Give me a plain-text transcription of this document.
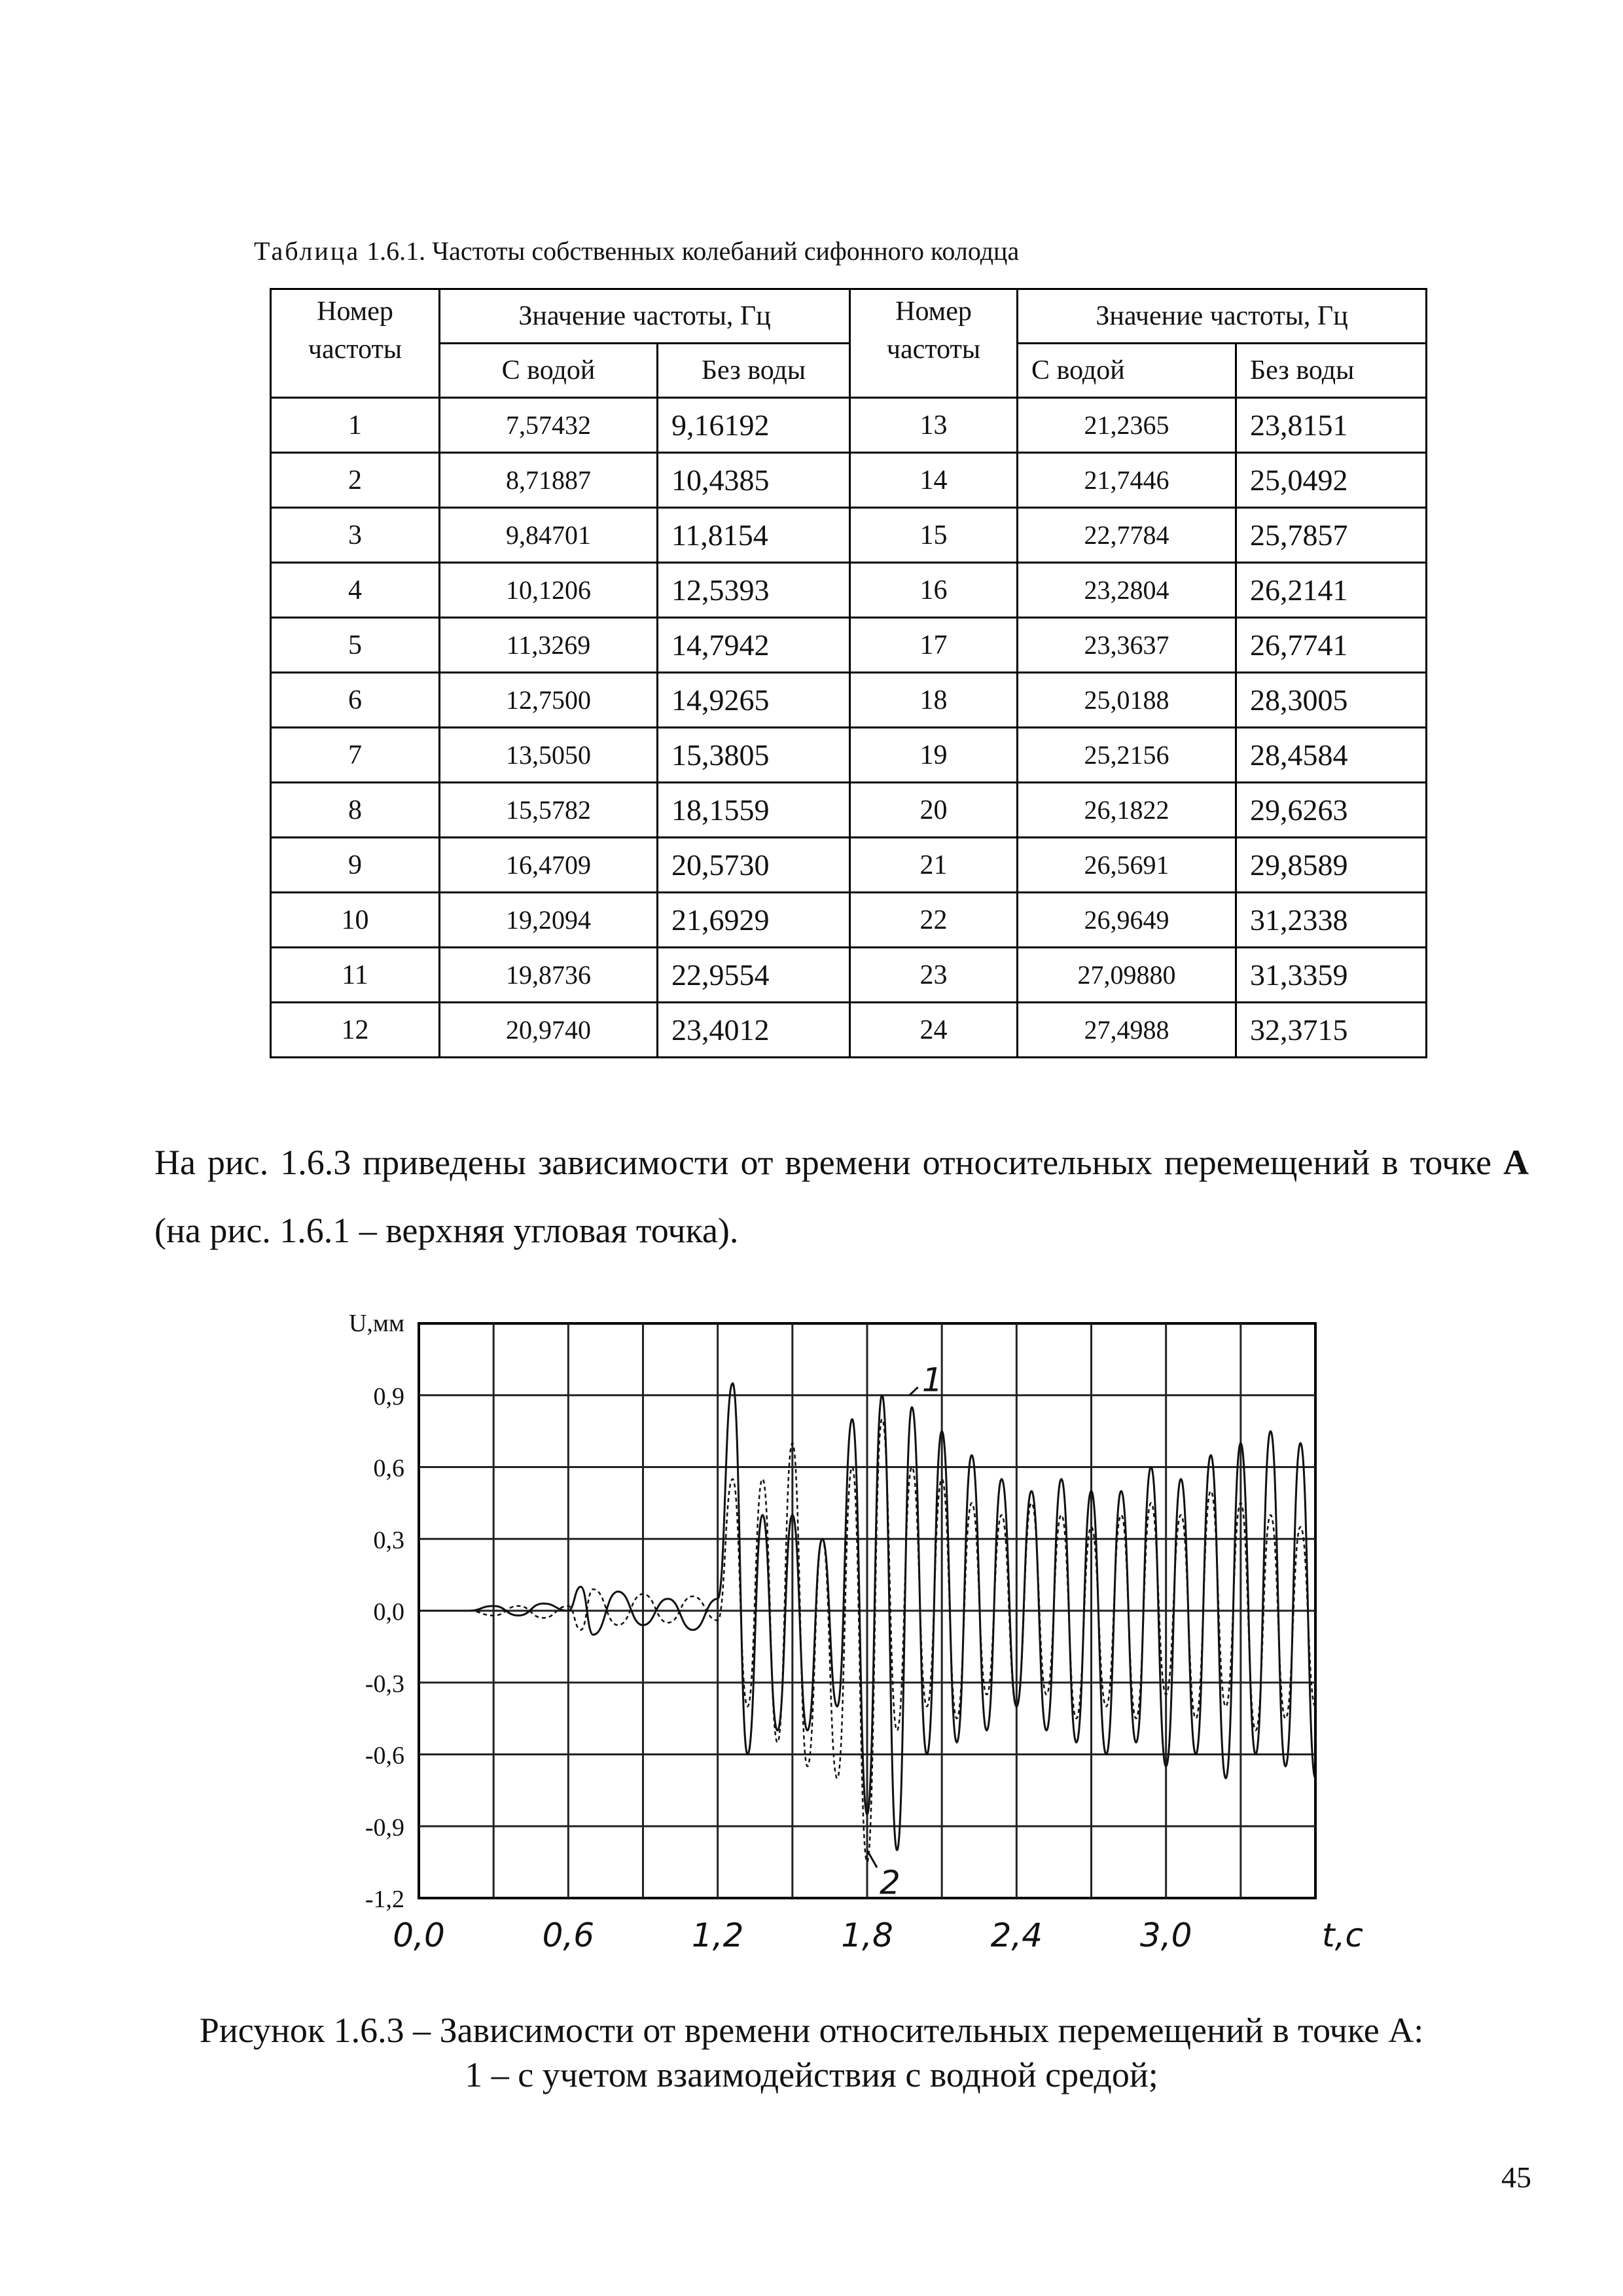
Таблица 1.6.1. Частоты собственных колебаний сифонного колодца
Номер частоты	Значение частоты, Гц		Номер частоты	Значение частоты, Гц	
	С водой	Без воды		С водой	Без воды
1	7,57432	9,16192	13	21,2365	23,8151
2	8,71887	10,4385	14	21,7446	25,0492
3	9,84701	11,8154	15	22,7784	25,7857
4	10,1206	12,5393	16	23,2804	26,2141
5	11,3269	14,7942	17	23,3637	26,7741
6	12,7500	14,9265	18	25,0188	28,3005
7	13,5050	15,3805	19	25,2156	28,4584
8	15,5782	18,1559	20	26,1822	29,6263
9	16,4709	20,5730	21	26,5691	29,8589
10	19,2094	21,6929	22	26,9649	31,2338
11	19,8736	22,9554	23	27,09880	31,3359
12	20,9740	23,4012	24	27,4988	32,3715
На рис. 1.6.3 приведены зависимости от времени относительных перемещений в точке А (на рис. 1.6.1 – верхняя угловая точка).
0,9
0,6
0,3
0,0
-0,3
-0,6
-0,9
-1,2
0,0	0,6	1,2	1,8	2,4	3,0
U,мм
t,c
1
2
Рисунок 1.6.3 – Зависимости от времени относительных перемещений в точке А:
1 – с учетом взаимодействия с водной средой;
45
